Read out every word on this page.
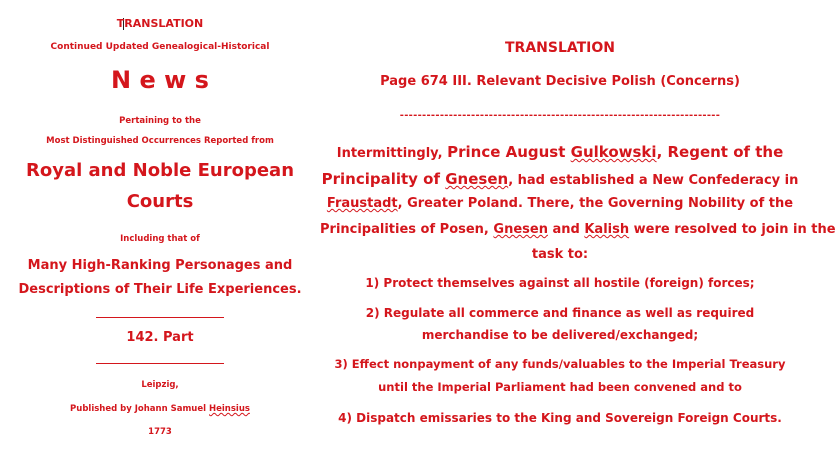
TRANSLATION
Continued Updated Genealogical-Historical
N e w s
Pertaining to the
Most Distinguished Occurrences Reported from
Royal and Noble European
Courts
Including that of
Many High-Ranking Personages and
Descriptions of Their Life Experiences.
142. Part
Leipzig,
Published by Johann Samuel Heinsius
1773
TRANSLATION
Page 674 III. Relevant Decisive Polish (Concerns)
------------------------------------------------------------------------
Intermittingly, Prince August Gulkowski, Regent of the
Principality of Gnesen, had established a New Confederacy in
Fraustadt, Greater Poland. There, the Governing Nobility of the
Principalities of Posen, Gnesen and Kalish were resolved to join in the
task to:
1) Protect themselves against all hostile (foreign) forces;
2) Regulate all commerce and finance as well as required
merchandise to be delivered/exchanged;
3) Effect nonpayment of any funds/valuables to the Imperial Treasury
until the Imperial Parliament had been convened and to
4) Dispatch emissaries to the King and Sovereign Foreign Courts.
